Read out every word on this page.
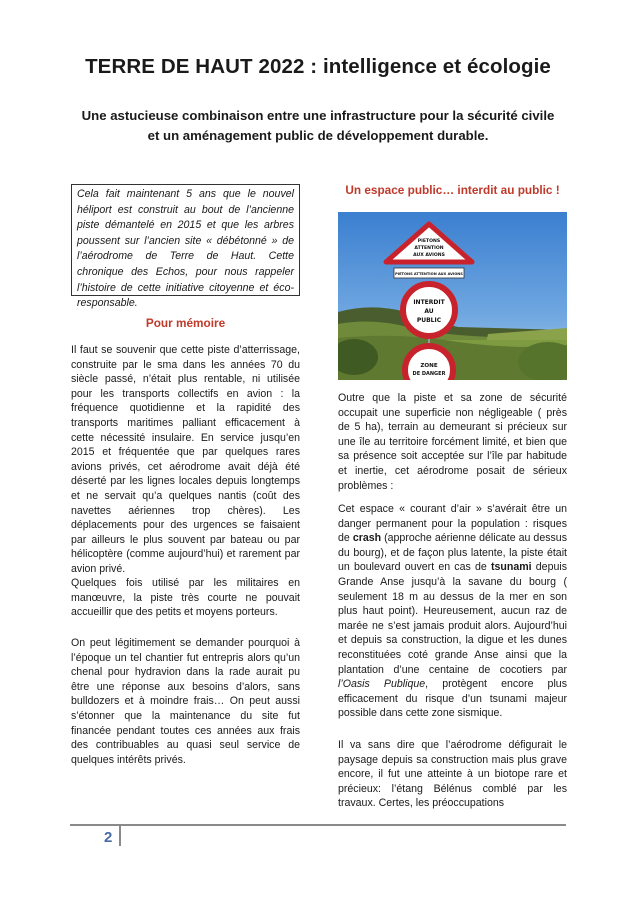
TERRE DE HAUT 2022 : intelligence et écologie
Une astucieuse combinaison entre une infrastructure pour la sécurité civile
et un aménagement public de développement durable.
Cela fait maintenant 5 ans que le nouvel héliport est construit au bout de l’ancienne piste démantelé en 2015 et que les arbres poussent sur l’ancien site « débétonné » de l’aérodrome de Terre de Haut. Cette chronique des Echos, pour nous rappeler l’histoire de cette initiative citoyenne et éco-responsable.
Pour mémoire

Il faut se souvenir que cette piste d’atterrissage, construite par le sma dans les années 70 du siècle passé, n’était plus rentable, ni utilisée pour les transports collectifs en avion : la fréquence quotidienne et la rapidité des transports maritimes palliant efficacement à cette nécessité insulaire. En service jusqu’en 2015 et fréquentée que par quelques rares avions privés, cet aérodrome avait déjà été déserté par les lignes locales depuis longtemps et ne servait qu’a quelques nantis (coût des navettes aériennes trop chères). Les déplacements pour des urgences se faisaient par ailleurs le plus souvent par bateau ou par hélicoptère (comme aujourd’hui) et rarement par avion privé.

Quelques fois utilisé par les militaires en manœuvre, la piste très courte ne pouvait accueillir que des petits et moyens porteurs.

On peut légitimement se demander pourquoi à l’époque un tel chantier fut entrepris alors qu’un chenal pour hydravion dans la rade aurait pu être une réponse aux besoins d’alors, sans bulldozers et à moindre frais… On peut aussi s’étonner que la maintenance du site fut financée pendant toutes ces années aux frais des contribuables au quasi seul service de quelques intérêts privés.

Un espace public… interdit au public !
PIETONS
ATTENTION
AUX AVIONS
PIETONS ATTENTION AUX AVIONS
INTERDIT
AU
PUBLIC
ZONE
DE DANGER

Outre que la piste et sa zone de sécurité occupait une superficie non négligeable ( près de 5 ha), terrain au demeurant si précieux sur une île au territoire forcément limité, et bien que sa présence soit acceptée sur l’île par habitude et inertie, cet aérodrome posait de sérieux problèmes :

Cet espace « courant d’air » s’avérait être un danger permanent pour la population : risques de crash (approche aérienne délicate au dessus du bourg), et de façon plus latente, la piste était un boulevard ouvert en cas de tsunami depuis Grande Anse jusqu’à la savane du bourg ( seulement 18 m au dessus de la mer en son plus haut point). Heureusement, aucun raz de marée ne s’est jamais produit alors. Aujourd’hui et depuis sa construction, la digue et les dunes reconstituées coté grande Anse ainsi que la plantation d’une centaine de cocotiers par l’Oasis Publique, protègent encore plus efficacement du risque d’un tsunami majeur possible dans cette zone sismique.

Il va sans dire que l’aérodrome défigurait le paysage depuis sa construction mais plus grave encore, il fut une atteinte à un biotope rare et précieux: l’étang Bélénus comblé par les travaux. Certes, les préoccupations

2
